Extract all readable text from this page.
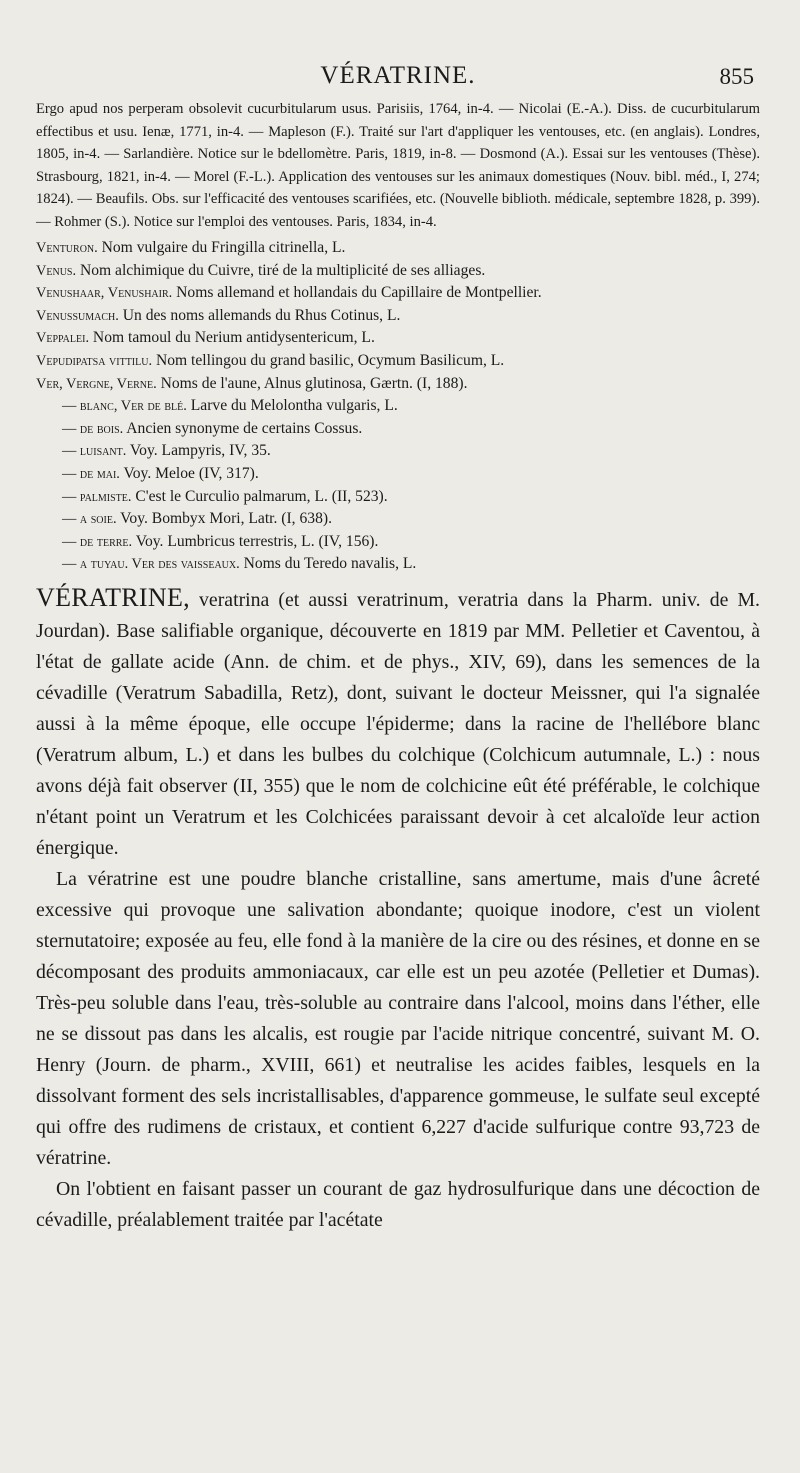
VÉRATRINE.	855

Ergo apud nos perperam obsolevit cucurbitularum usus. Parisiis, 1764, in-4. — Nicolai (E.-A.). Diss. de cucurbitularum effectibus et usu. Ienæ, 1771, in-4. — Mapleson (F.). Traité sur l'art d'appliquer les ventouses, etc. (en anglais). Londres, 1805, in-4. — Sarlandière. Notice sur le bdellomètre. Paris, 1819, in-8. — Dosmond (A.). Essai sur les ventouses (Thèse). Strasbourg, 1821, in-4. — Morel (F.-L.). Application des ventouses sur les animaux domestiques (Nouv. bibl. méd., I, 274; 1824). — Beaufils. Obs. sur l'efficacité des ventouses scarifiées, etc. (Nouvelle biblioth. médicale, septembre 1828, p. 399). — Rohmer (S.). Notice sur l'emploi des ventouses. Paris, 1834, in-4.

Venturon. Nom vulgaire du Fringilla citrinella, L.

Venus. Nom alchimique du Cuivre, tiré de la multiplicité de ses alliages.

Venushaar, Venushair. Noms allemand et hollandais du Capillaire de Montpellier.

Venussumach. Un des noms allemands du Rhus Cotinus, L.

Veppalei. Nom tamoul du Nerium antidysentericum, L.

Vepudipatsa vittilu. Nom tellingou du grand basilic, Ocymum Basilicum, L.

Ver, Vergne, Verne. Noms de l'aune, Alnus glutinosa, Gærtn. (I, 188).

— blanc, Ver de blé. Larve du Melolontha vulgaris, L.

— de bois. Ancien synonyme de certains Cossus.

— luisant. Voy. Lampyris, IV, 35.

— de mai. Voy. Meloe (IV, 317).

— palmiste. C'est le Curculio palmarum, L. (II, 523).

— a soie. Voy. Bombyx Mori, Latr. (I, 638).

— de terre. Voy. Lumbricus terrestris, L. (IV, 156).

— a tuyau. Ver des vaisseaux. Noms du Teredo navalis, L.

VÉRATRINE, veratrina (et aussi veratrinum, veratria dans la Pharm. univ. de M. Jourdan). Base salifiable organique, découverte en 1819 par MM. Pelletier et Caventou, à l'état de gallate acide (Ann. de chim. et de phys., XIV, 69), dans les semences de la cévadille (Veratrum Sabadilla, Retz), dont, suivant le docteur Meissner, qui l'a signalée aussi à la même époque, elle occupe l'épiderme; dans la racine de l'hellébore blanc (Veratrum album, L.) et dans les bulbes du colchique (Colchicum autumnale, L.) : nous avons déjà fait observer (II, 355) que le nom de colchicine eût été préférable, le colchique n'étant point un Veratrum et les Colchicées paraissant devoir à cet alcaloïde leur action énergique.

La vératrine est une poudre blanche cristalline, sans amertume, mais d'une âcreté excessive qui provoque une salivation abondante; quoique inodore, c'est un violent sternutatoire; exposée au feu, elle fond à la manière de la cire ou des résines, et donne en se décomposant des produits ammoniacaux, car elle est un peu azotée (Pelletier et Dumas). Très-peu soluble dans l'eau, très-soluble au contraire dans l'alcool, moins dans l'éther, elle ne se dissout pas dans les alcalis, est rougie par l'acide nitrique concentré, suivant M. O. Henry (Journ. de pharm., XVIII, 661) et neutralise les acides faibles, lesquels en la dissolvant forment des sels incristallisables, d'apparence gommeuse, le sulfate seul excepté qui offre des rudimens de cristaux, et contient 6,227 d'acide sulfurique contre 93,723 de vératrine.

On l'obtient en faisant passer un courant de gaz hydrosulfurique dans une décoction de cévadille, préalablement traitée par l'acétate
